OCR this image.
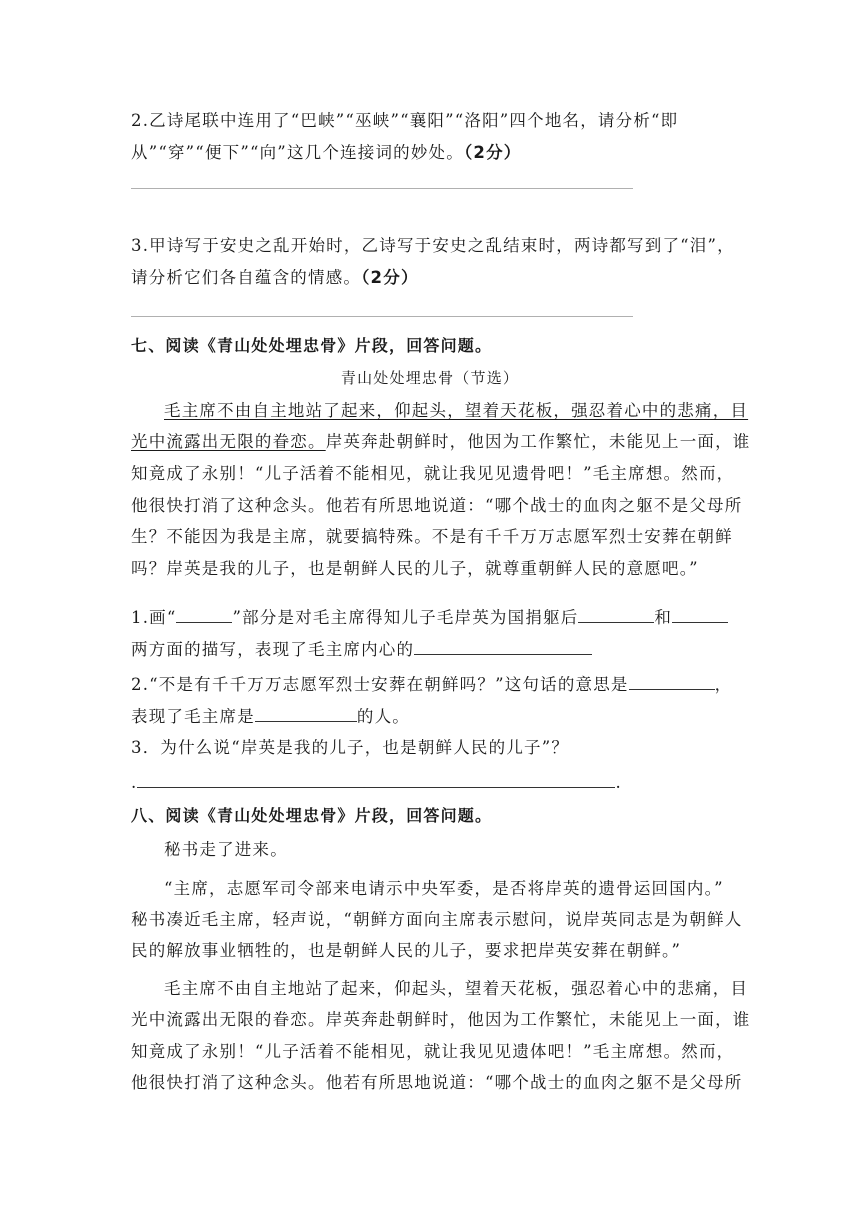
2.乙诗尾联中连用了“巴峡”“巫峡”“襄阳”“洛阳”四个地名，请分析“即
从”“穿”“便下”“向”这几个连接词的妙处。（2分）
3.甲诗写于安史之乱开始时，乙诗写于安史之乱结束时，两诗都写到了“泪”，
请分析它们各自蕴含的情感。（2分）
七、阅读《青山处处埋忠骨》片段，回答问题。
青山处处埋忠骨（节选）
毛主席不由自主地站了起来，仰起头，望着天花板，强忍着心中的悲痛，目
光中流露出无限的眷恋。岸英奔赴朝鲜时，他因为工作繁忙，未能见上一面，谁
知竟成了永别！“儿子活着不能相见，就让我见见遗骨吧！”毛主席想。然而，
他很快打消了这种念头。他若有所思地说道：“哪个战士的血肉之躯不是父母所
生？不能因为我是主席，就要搞特殊。不是有千千万万志愿军烈士安葬在朝鲜
吗？岸英是我的儿子，也是朝鲜人民的儿子，就尊重朝鲜人民的意愿吧。”
1.画“	”部分是对毛主席得知儿子毛岸英为国捐躯后	和
两方面的描写，表现了毛主席内心的
2.“不是有千千万万志愿军烈士安葬在朝鲜吗？”这句话的意思是	，
表现了毛主席是	的人。
3．为什么说“岸英是我的儿子，也是朝鲜人民的儿子”？
.	.
八、阅读《青山处处埋忠骨》片段，回答问题。
秘书走了进来。
“主席，志愿军司令部来电请示中央军委，是否将岸英的遗骨运回国内。”
秘书凑近毛主席，轻声说，“朝鲜方面向主席表示慰问，说岸英同志是为朝鲜人
民的解放事业牺牲的，也是朝鲜人民的儿子，要求把岸英安葬在朝鲜。”
毛主席不由自主地站了起来，仰起头，望着天花板，强忍着心中的悲痛，目
光中流露出无限的眷恋。岸英奔赴朝鲜时，他因为工作繁忙，未能见上一面，谁
知竟成了永别！“儿子活着不能相见，就让我见见遗体吧！”毛主席想。然而，
他很快打消了这种念头。他若有所思地说道：“哪个战士的血肉之躯不是父母所
